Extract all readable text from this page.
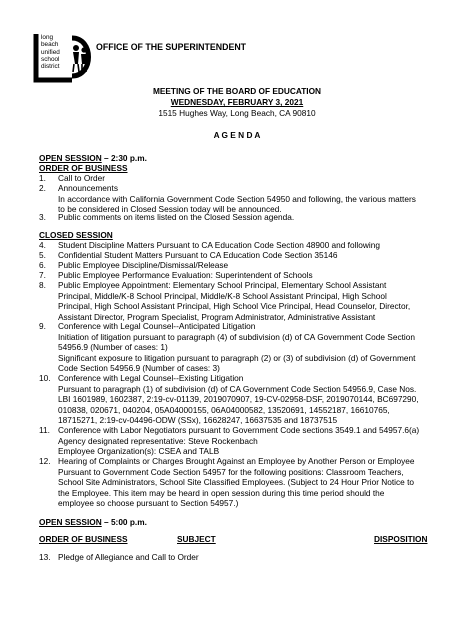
long
beach
unified
school
district
OFFICE OF THE SUPERINTENDENT
MEETING OF THE BOARD OF EDUCATION
WEDNESDAY, FEBRUARY 3, 2021
1515 Hughes Way, Long Beach, CA 90810
A G E N D A
OPEN SESSION – 2:30 p.m.
ORDER OF BUSINESS
1. Call to Order
2. Announcements
In accordance with California Government Code Section 54950 and following, the various matters
to be considered in Closed Session today will be announced.
3. Public comments on items listed on the Closed Session agenda.
CLOSED SESSION
4. Student Discipline Matters Pursuant to CA Education Code Section 48900 and following
5. Confidential Student Matters Pursuant to CA Education Code Section 35146
6. Public Employee Discipline/Dismissal/Release
7. Public Employee Performance Evaluation: Superintendent of Schools
8. Public Employee Appointment: Elementary School Principal, Elementary School Assistant
Principal, Middle/K-8 School Principal, Middle/K-8 School Assistant Principal, High School
Principal, High School Assistant Principal, High School Vice Principal, Head Counselor, Director,
Assistant Director, Program Specialist, Program Administrator, Administrative Assistant
9. Conference with Legal Counsel--Anticipated Litigation
Initiation of litigation pursuant to paragraph (4) of subdivision (d) of CA Government Code Section
54956.9 (Number of cases: 1)
Significant exposure to litigation pursuant to paragraph (2) or (3) of subdivision (d) of Government
Code Section 54956.9 (Number of cases: 3)
10. Conference with Legal Counsel--Existing Litigation
Pursuant to paragraph (1) of subdivision (d) of CA Government Code Section 54956.9, Case Nos.
LBI 1601989, 1602387, 2:19-cv-01139, 2019070907, 19-CV-02958-DSF, 2019070144, BC697290,
010838, 020671, 040204, 05A04000155, 06A04000582, 13520691, 14552187, 16610765,
18715271, 2:19-cv-04496-ODW (SSx), 16628247, 16637535 and 18737515
11. Conference with Labor Negotiators pursuant to Government Code sections 3549.1 and 54957.6(a)
Agency designated representative: Steve Rockenbach
Employee Organization(s): CSEA and TALB
12. Hearing of Complaints or Charges Brought Against an Employee by Another Person or Employee
Pursuant to Government Code Section 54957 for the following positions: Classroom Teachers,
School Site Administrators, School Site Classified Employees. (Subject to 24 Hour Prior Notice to
the Employee. This item may be heard in open session during this time period should the
employee so choose pursuant to Section 54957.)
OPEN SESSION – 5:00 p.m.
ORDER OF BUSINESS	SUBJECT	DISPOSITION
13. Pledge of Allegiance and Call to Order
